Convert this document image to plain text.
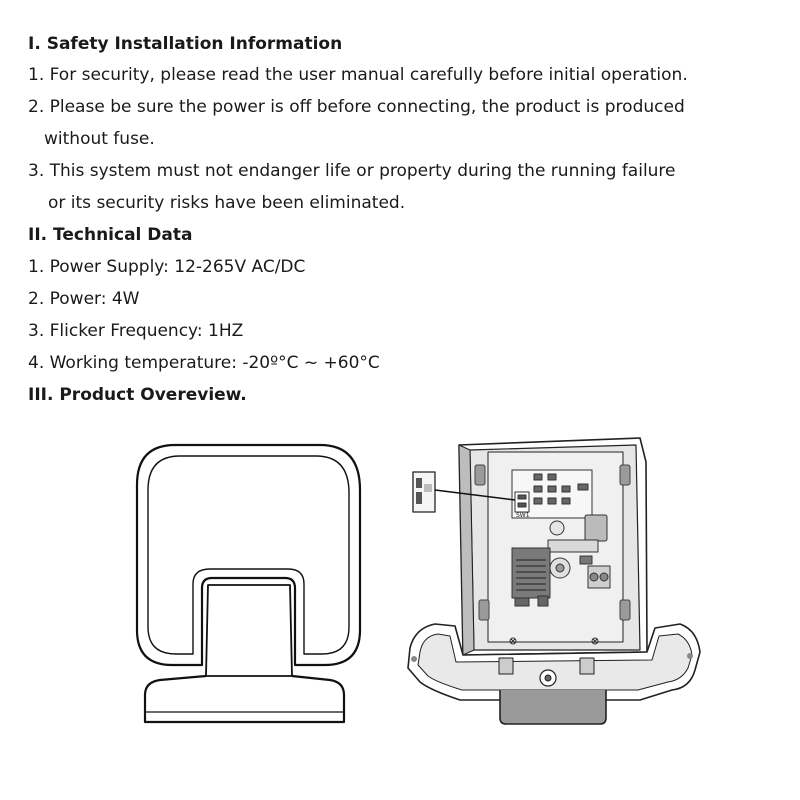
I. Safety Installation Information
1. For security, please read the user manual carefully before initial operation.
2. Please be sure the power is off before connecting, the product is produced
without fuse.
3. This system must not endanger life or property during the running failure
or its security risks have been eliminated.
II. Technical Data
1. Power Supply: 12-265V AC/DC
2. Power: 4W
3. Flicker Frequency: 1HZ
4. Working temperature: -20º°C ~ +60°C
III. Product Overeview.
SW1
